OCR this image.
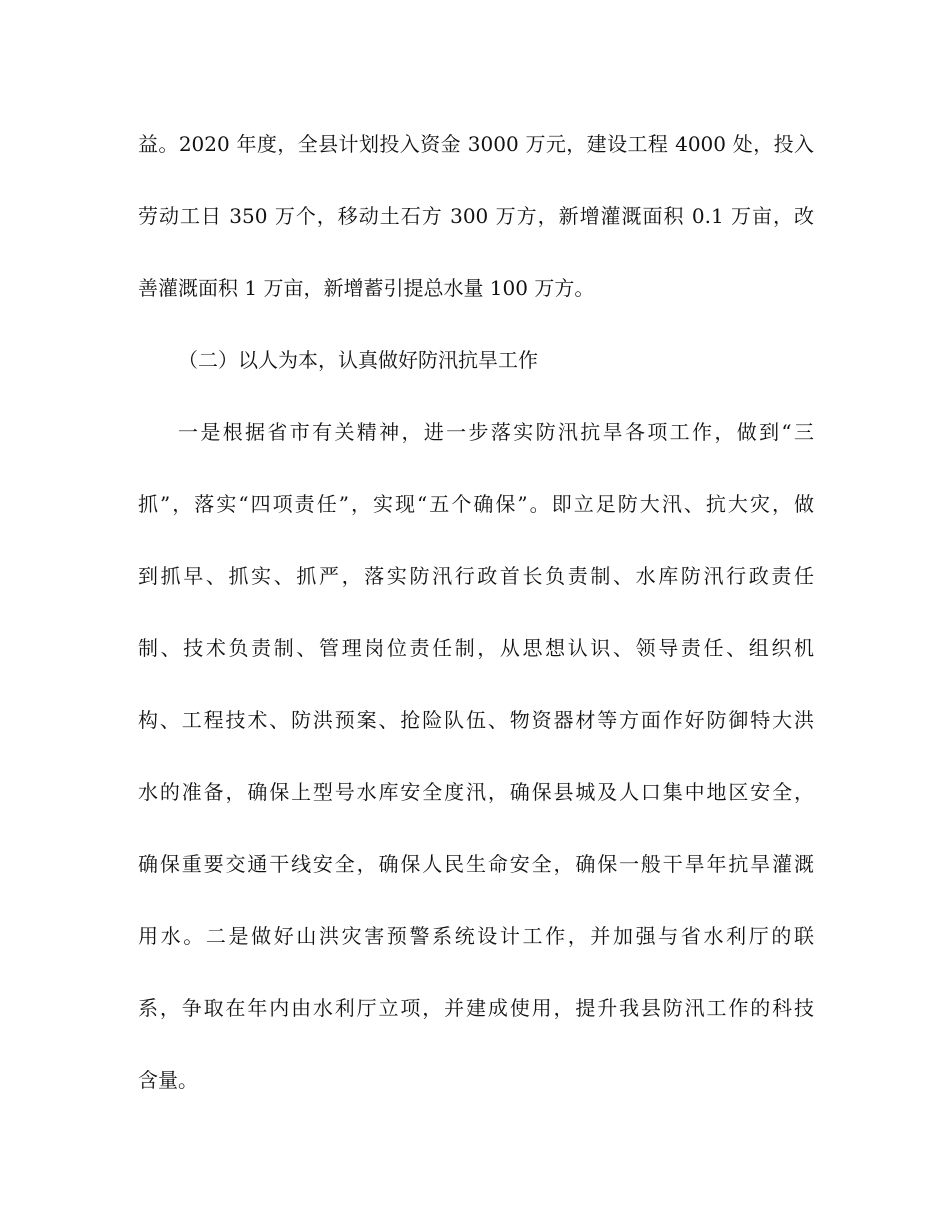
益。2020 年度，全县计划投入资金 3000 万元，建设工程 4000 处，投入
劳动工日 350 万个，移动土石方 300 万方，新增灌溉面积 0.1 万亩，改
善灌溉面积 1 万亩，新增蓄引提总水量 100 万方。
（二）以人为本，认真做好防汛抗旱工作
一是根据省市有关精神，进一步落实防汛抗旱各项工作，做到“三
抓”，落实“四项责任”，实现“五个确保”。即立足防大汛、抗大灾，做
到抓早、抓实、抓严，落实防汛行政首长负责制、水库防汛行政责任
制、技术负责制、管理岗位责任制，从思想认识、领导责任、组织机
构、工程技术、防洪预案、抢险队伍、物资器材等方面作好防御特大洪
水的准备，确保上型号水库安全度汛，确保县城及人口集中地区安全，
确保重要交通干线安全，确保人民生命安全，确保一般干旱年抗旱灌溉
用水。二是做好山洪灾害预警系统设计工作，并加强与省水利厅的联
系，争取在年内由水利厅立项，并建成使用，提升我县防汛工作的科技
含量。
